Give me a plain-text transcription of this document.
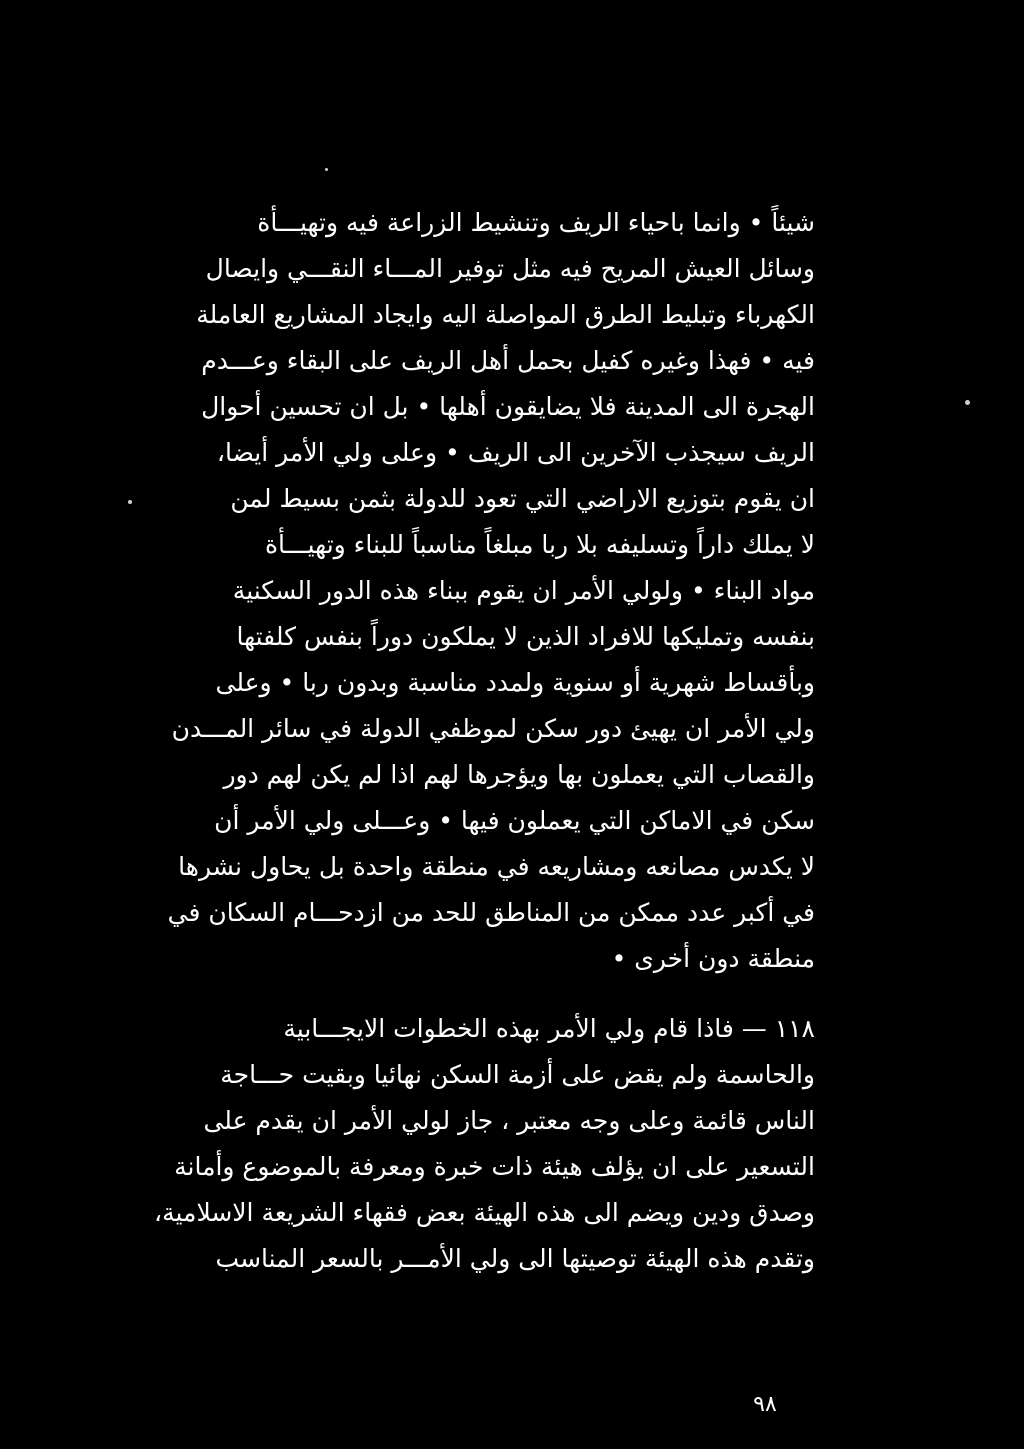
شيئاً • وانما باحياء الريف وتنشيط الزراعة فيه وتهيـــأة
وسائل العيش المريح فيه مثل توفير المـــاء النقـــي وايصال
الكهرباء وتبليط الطرق المواصلة اليه وايجاد المشاريع العاملة
فيه • فهذا وغيره كفيل بحمل أهل الريف على البقاء وعـــدم
الهجرة الى المدينة فلا يضايقون أهلها • بل ان تحسين أحوال
الريف سيجذب الآخرين الى الريف • وعلى ولي الأمر أيضا،
ان يقوم بتوزيع الاراضي التي تعود للدولة بثمن بسيط لمن
لا يملك داراً وتسليفه بلا ربا مبلغاً مناسباً للبناء وتهيـــأة
مواد البناء • ولولي الأمر ان يقوم ببناء هذه الدور السكنية
بنفسه وتمليكها للافراد الذين لا يملكون دوراً بنفس كلفتها
وبأقساط شهرية أو سنوية ولمدد مناسبة وبدون ربا • وعلى
ولي الأمر ان يهيئ دور سكن لموظفي الدولة في سائر المـــدن
والقصاب التي يعملون بها ويؤجرها لهم اذا لم يكن لهم دور
سكن في الاماكن التي يعملون فيها • وعـــلى ولي الأمر أن
لا يكدس مصانعه ومشاريعه في منطقة واحدة بل يحاول نشرها
في أكبر عدد ممكن من المناطق للحد من ازدحـــام السكان في
منطقة دون أخرى •
١١٨ — فاذا قام ولي الأمر بهذه الخطوات الايجـــابية
والحاسمة ولم يقض على أزمة السكن نهائيا وبقيت حـــاجة
الناس قائمة وعلى وجه معتبر ، جاز لولي الأمر ان يقدم على
التسعير على ان يؤلف هيئة ذات خبرة ومعرفة بالموضوع وأمانة
وصدق ودين ويضم الى هذه الهيئة بعض فقهاء الشريعة الاسلامية،
وتقدم هذه الهيئة توصيتها الى ولي الأمـــر بالسعر المناسب
٩٨
